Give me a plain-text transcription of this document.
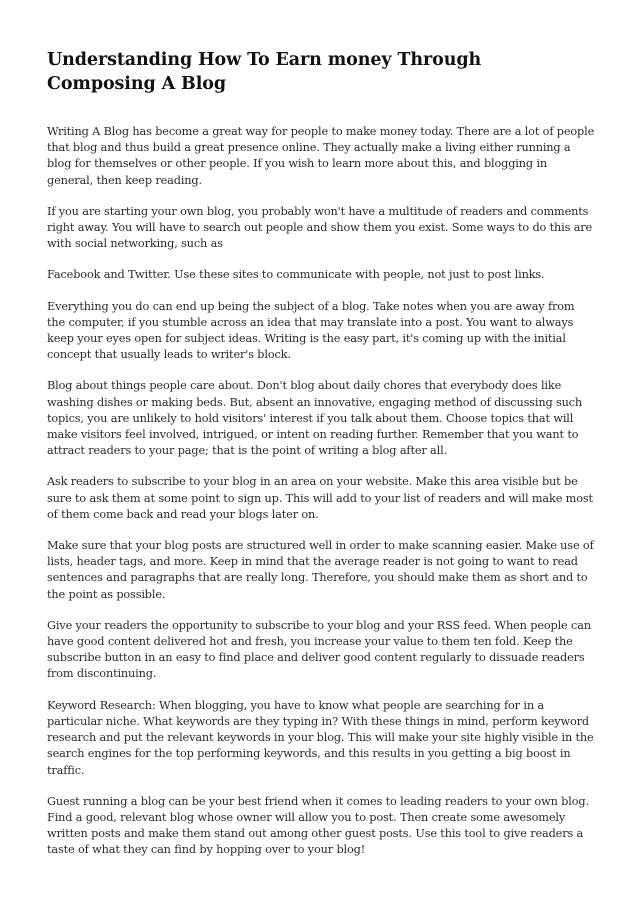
Understanding How To Earn money Through Composing A Blog

Writing A Blog has become a great way for people to make money today. There are a lot of people that blog and thus build a great presence online. They actually make a living either running a blog for themselves or other people. If you wish to learn more about this, and blogging in general, then keep reading.

If you are starting your own blog, you probably won't have a multitude of readers and comments right away. You will have to search out people and show them you exist. Some ways to do this are with social networking, such as

Facebook and Twitter. Use these sites to communicate with people, not just to post links.

Everything you do can end up being the subject of a blog. Take notes when you are away from the computer, if you stumble across an idea that may translate into a post. You want to always keep your eyes open for subject ideas. Writing is the easy part, it's coming up with the initial concept that usually leads to writer's block.

Blog about things people care about. Don't blog about daily chores that everybody does like washing dishes or making beds. But, absent an innovative, engaging method of discussing such topics, you are unlikely to hold visitors' interest if you talk about them. Choose topics that will make visitors feel involved, intrigued, or intent on reading further. Remember that you want to attract readers to your page; that is the point of writing a blog after all.

Ask readers to subscribe to your blog in an area on your website. Make this area visible but be sure to ask them at some point to sign up. This will add to your list of readers and will make most of them come back and read your blogs later on.

Make sure that your blog posts are structured well in order to make scanning easier. Make use of lists, header tags, and more. Keep in mind that the average reader is not going to want to read sentences and paragraphs that are really long. Therefore, you should make them as short and to the point as possible.

Give your readers the opportunity to subscribe to your blog and your RSS feed. When people can have good content delivered hot and fresh, you increase your value to them ten fold. Keep the subscribe button in an easy to find place and deliver good content regularly to dissuade readers from discontinuing.

Keyword Research: When blogging, you have to know what people are searching for in a particular niche. What keywords are they typing in? With these things in mind, perform keyword research and put the relevant keywords in your blog. This will make your site highly visible in the search engines for the top performing keywords, and this results in you getting a big boost in traffic.

Guest running a blog can be your best friend when it comes to leading readers to your own blog. Find a good, relevant blog whose owner will allow you to post. Then create some awesomely written posts and make them stand out among other guest posts. Use this tool to give readers a taste of what they can find by hopping over to your blog!
